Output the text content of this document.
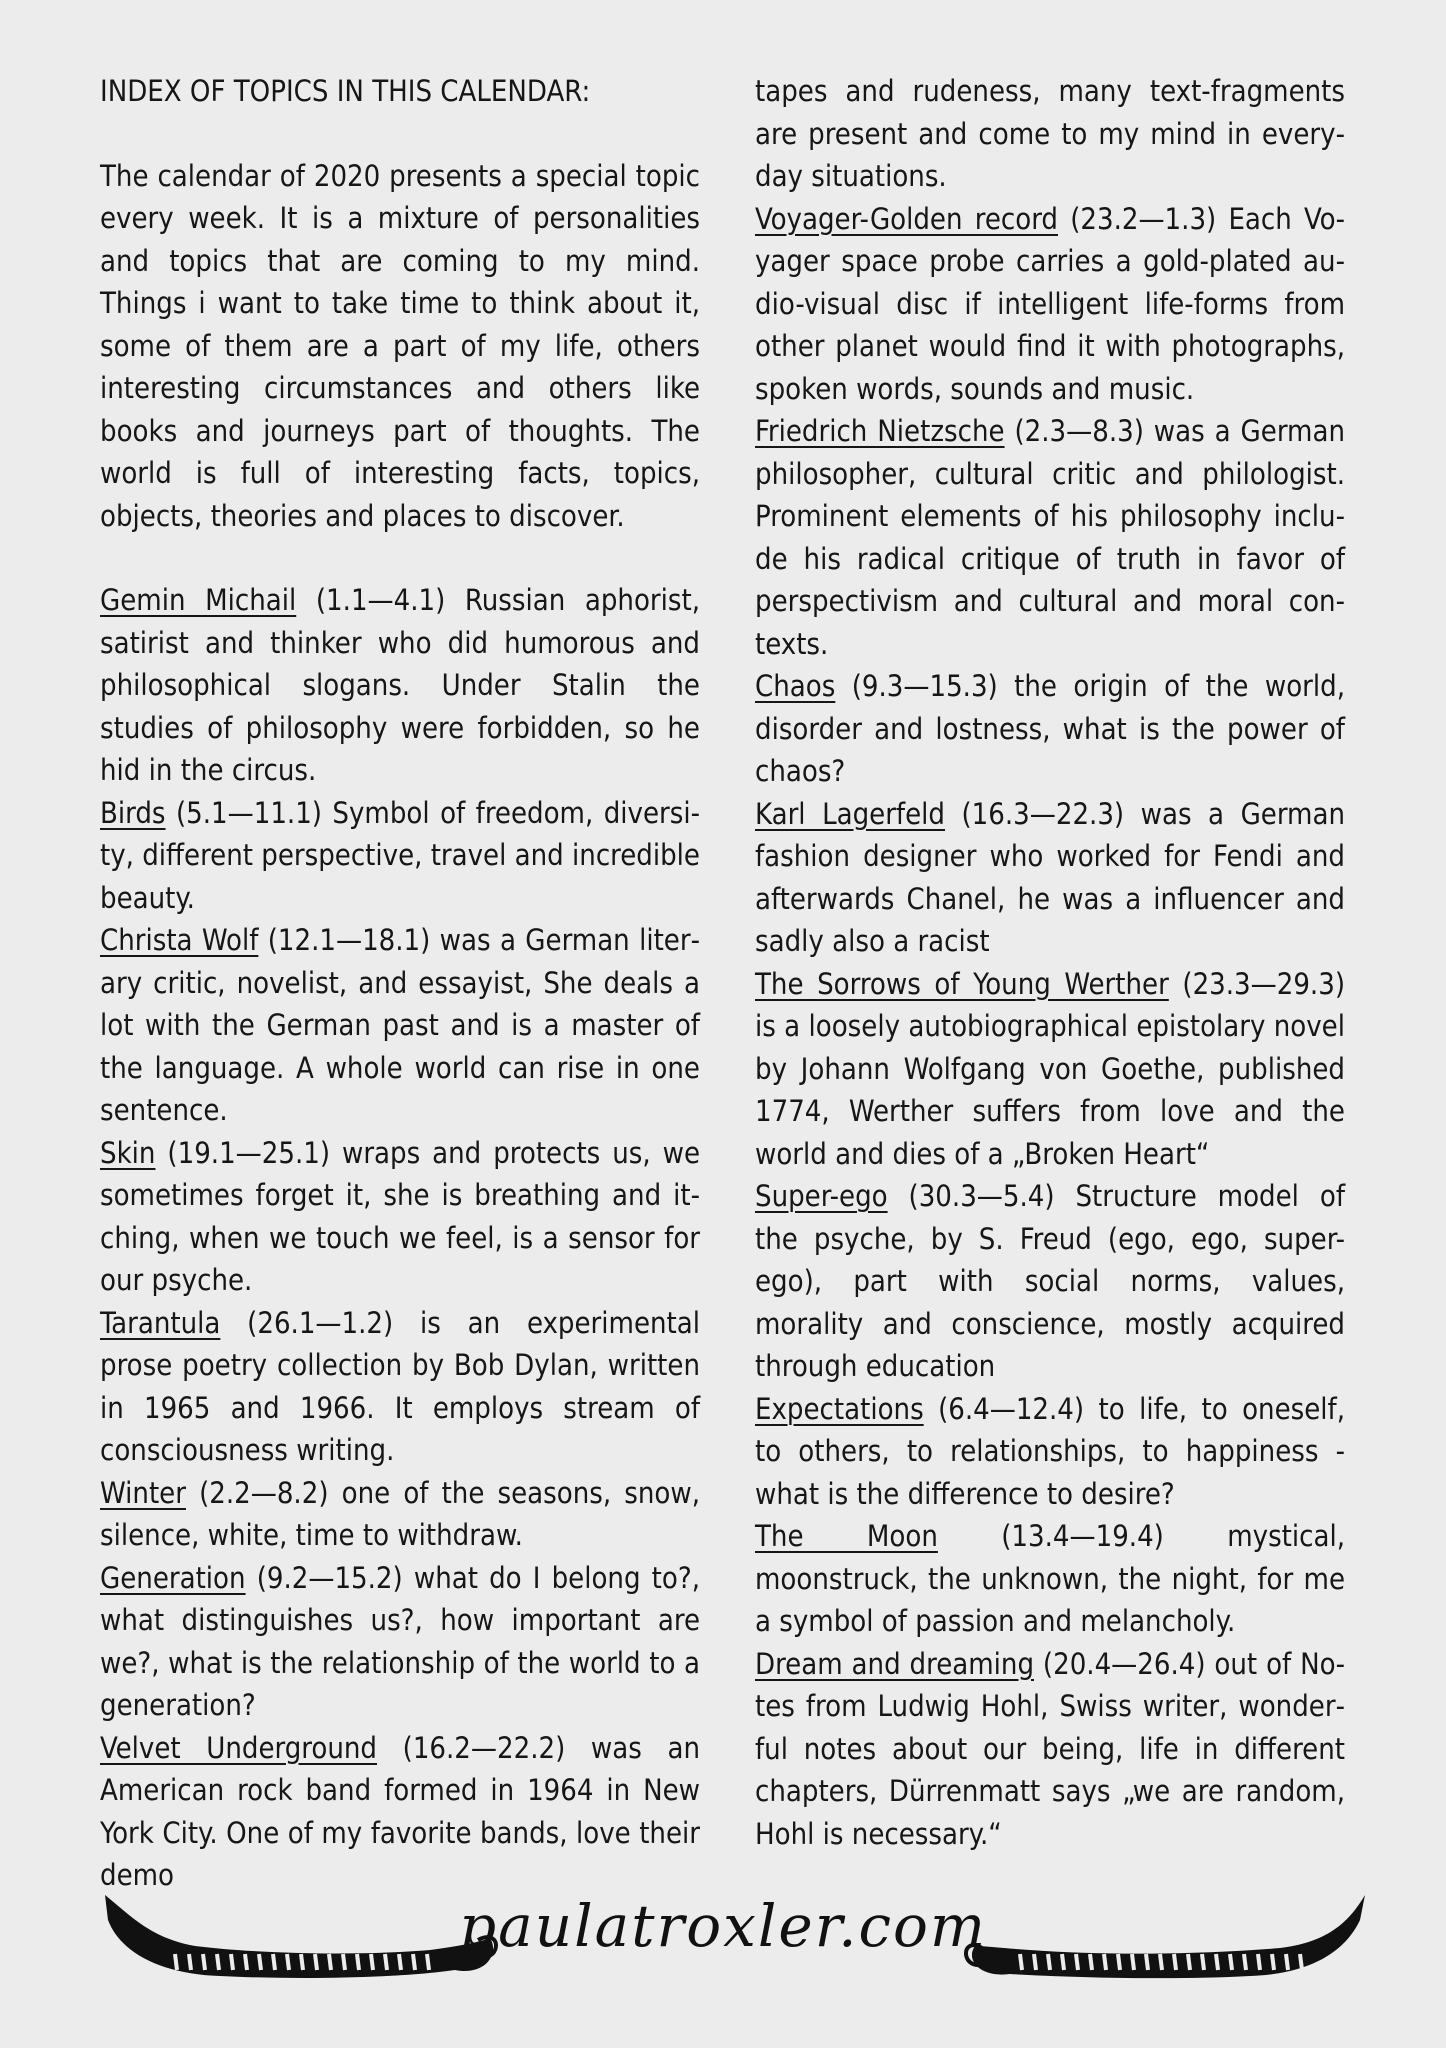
INDEX OF TOPICS IN THIS CALENDAR:

The calendar of 2020 presents a special topic every week. It is a mixture of personalities and topics that are coming to my mind. Things i want to take time to think about it, some of them are a part of my life, others interesting circumstances and others like books and journeys part of thoughts. The world is full of interesting facts, topics, objects, theories and places to discover.

Gemin Michail (1.1—4.1) Russian aphorist, satirist and thinker who did humorous and philosophical slogans. Under Stalin the studies of philosophy were forbidden, so he hid in the circus.

Birds (5.1—11.1) Symbol of freedom, diversity, different perspective, travel and incredible beauty.

Christa Wolf (12.1—18.1) was a German literary critic, novelist, and essayist, She deals a lot with the German past and is a master of the language. A whole world can rise in one sentence.

Skin (19.1—25.1) wraps and protects us, we sometimes forget it, she is breathing and itching, when we touch we feel, is a sensor for our psyche.

Tarantula (26.1—1.2) is an experimental prose poetry collection by Bob Dylan, written in 1965 and 1966. It employs stream of consciousness writing.

Winter (2.2—8.2) one of the seasons, snow, silence, white, time to withdraw.

Generation (9.2—15.2) what do I belong to?, what distinguishes us?, how important are we?, what is the relationship of the world to a generation?

Velvet Underground (16.2—22.2) was an American rock band formed in 1964 in New York City. One of my favorite bands, love their demo

tapes and rudeness, many text-fragments are present and come to my mind in everyday situations.

Voyager-Golden record (23.2—1.3) Each Voyager space probe carries a gold-plated audio-visual disc if intelligent life-forms from other planet would find it with photographs, spoken words, sounds and music.

Friedrich Nietzsche (2.3—8.3) was a German philosopher, cultural critic and philologist. Prominent elements of his philosophy include his radical critique of truth in favor of perspectivism and cultural and moral contexts.

Chaos (9.3—15.3) the origin of the world, disorder and lostness, what is the power of chaos?

Karl Lagerfeld (16.3—22.3) was a German fashion designer who worked for Fendi and afterwards Chanel, he was a influencer and sadly also a racist

The Sorrows of Young Werther (23.3—29.3) is a loosely autobiographical epistolary novel by Johann Wolfgang von Goethe, published 1774, Werther suffers from love and the world and dies of a „Broken Heart“

Super-ego (30.3—5.4) Structure model of the psyche, by S. Freud (ego, ego, super-ego), part with social norms, values, morality and conscience, mostly acquired through education

Expectations (6.4—12.4) to life, to oneself, to others, to relationships, to happiness - what is the difference to desire?

The Moon (13.4—19.4) mystical, moonstruck, the unknown, the night, for me a symbol of passion and melancholy.

Dream and dreaming (20.4—26.4) out of Notes from Ludwig Hohl, Swiss writer, wonderful notes about our being, life in different chapters, Dürrenmatt says „we are random, Hohl is necessary.“

paulatroxler.com
